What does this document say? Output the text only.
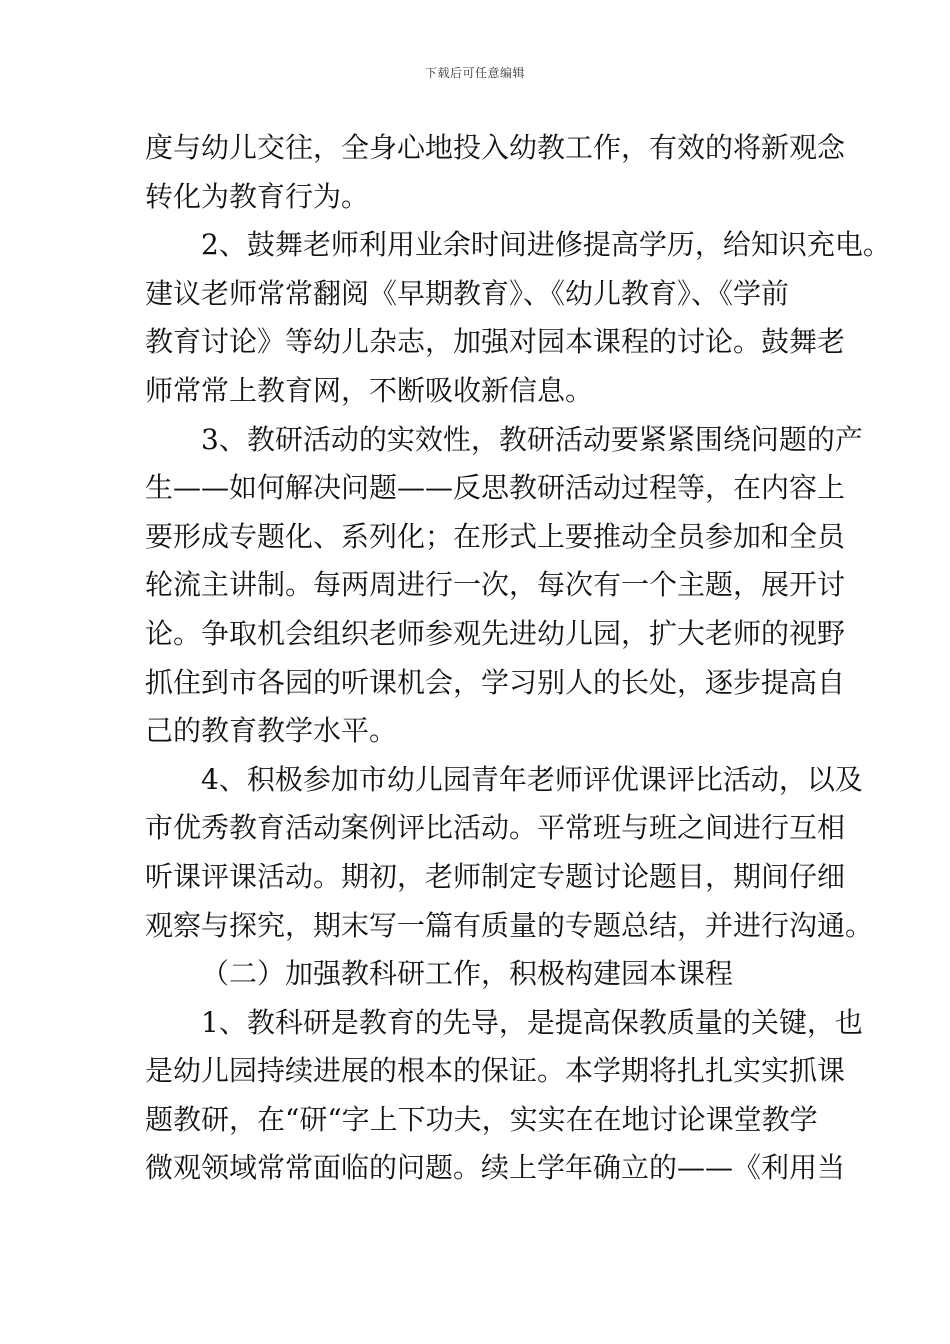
下载后可任意编辑
度与幼儿交往，全身心地投入幼教工作，有效的将新观念
转化为教育行为。
2、鼓舞老师利用业余时间进修提高学历，给知识充电。
建议老师常常翻阅《早期教育》、《幼儿教育》、《学前
教育讨论》等幼儿杂志，加强对园本课程的讨论。鼓舞老
师常常上教育网，不断吸收新信息。
3、教研活动的实效性，教研活动要紧紧围绕问题的产
生——如何解决问题——反思教研活动过程等，在内容上
要形成专题化、系列化；在形式上要推动全员参加和全员
轮流主讲制。每两周进行一次，每次有一个主题，展开讨
论。争取机会组织老师参观先进幼儿园，扩大老师的视野
抓住到市各园的听课机会，学习别人的长处，逐步提高自
己的教育教学水平。
4、积极参加市幼儿园青年老师评优课评比活动，以及
市优秀教育活动案例评比活动。平常班与班之间进行互相
听课评课活动。期初，老师制定专题讨论题目，期间仔细
观察与探究，期末写一篇有质量的专题总结，并进行沟通。
（二）加强教科研工作，积极构建园本课程
1、教科研是教育的先导，是提高保教质量的关键，也
是幼儿园持续进展的根本的保证。本学期将扎扎实实抓课
题教研，在“研“字上下功夫，实实在在地讨论课堂教学
微观领域常常面临的问题。续上学年确立的——《利用当
